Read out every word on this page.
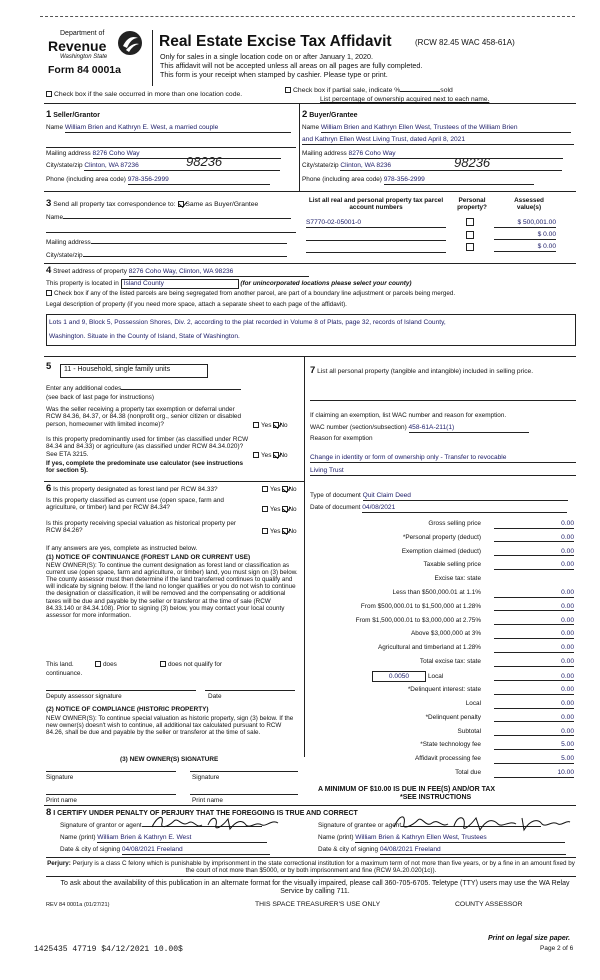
Department of
Revenue
Washington State
Form 84 0001a
Real Estate Excise Tax Affidavit	(RCW 82.45 WAC 458-61A)
Only for sales in a single location code on or after January 1, 2020.
This affidavit will not be accepted unless all areas on all pages are fully completed.
This form is your receipt when stamped by cashier. Please type or print.
Check box if the sale occurred in more than one location code.
Check box if partial sale, indicate %	sold
List percentage of ownership acquired next to each name.
1 Seller/Grantor
Name William Brien and Kathryn E. West, a married couple
Mailing address 8276 Coho Way
City/state/zip Clinton, WA 87236	98236
Phone (including area code) 978-356-2999
2 Buyer/Grantee
Name William Brien and Kathryn Ellen West, Trustees of the William Brien
and Kathryn Ellen West Living Trust, dated April 8, 2021
Mailing address 8276 Coho Way
City/state/zip Clinton, WA 8236	98236
Phone (including area code) 978-356-2999
3 Send all property tax correspondence to: Same as Buyer/Grantee
Name
Mailing address
City/state/zip
List all real and personal property tax parcel account numbers
Personal property?
Assessed value(s)
S7770-02-05001-0	$ 500,001.00
$ 0.00
$ 0.00
4 Street address of property 8276 Coho Way, Clinton, WA 98236
This property is located in Island County	(for unincorporated locations please select your county)
Check box if any of the listed parcels are being segregated from another parcel, are part of a boundary line adjustment or parcels being merged.
Legal description of property (if you need more space, attach a separate sheet to each page of the affidavit).
Lots 1 and 9, Block 5, Possession Shores, Div. 2, according to the plat recorded in Volume 8 of Plats, page 32, records of Island County,
Washington. Situate in the County of Island, State of Washington.
5	11 - Household, single family units
Enter any additional codes
(see back of last page for instructions)
Was the seller receiving a property tax exemption or deferral under RCW 84.36, 84.37, or 84.38 (nonprofit org., senior citizen or disabled person, homeowner with limited income)?	Yes No
Is this property predominantly used for timber (as classified under RCW 84.34 and 84.33) or agriculture (as classified under RCW 84.34.020)? See ETA 3215.	Yes No
If yes, complete the predominate use calculator (see instructions for section 5).
6 Is this property designated as forest land per RCW 84.33?	Yes No
Is this property classified as current use (open space, farm and agriculture, or timber) land per RCW 84.34?	Yes No
Is this property receiving special valuation as historical property per RCW 84.26?	Yes No
If any answers are yes, complete as instructed below.
(1) NOTICE OF CONTINUANCE (FOREST LAND OR CURRENT USE)
NEW OWNER(S): To continue the current designation as forest land or classification as current use (open space, farm and agriculture, or timber) land, you must sign on (3) below. The county assessor must then determine if the land transferred continues to qualify and will indicate by signing below. If the land no longer qualifies or you do not wish to continue the designation or classification, it will be removed and the compensating or additional taxes will be due and payable by the seller or transferor at the time of sale (RCW 84.33.140 or 84.34.108). Prior to signing (3) below, you may contact your local county assessor for more information.
This land.	does	does not qualify for
continuance.
Deputy assessor signature	Date
(2) NOTICE OF COMPLIANCE (HISTORIC PROPERTY)
NEW OWNER(S): To continue special valuation as historic property, sign (3) below. If the new owner(s) doesn't wish to continue, all additional tax calculated pursuant to RCW 84.26, shall be due and payable by the seller or transferor at the time of sale.
(3) NEW OWNER(S) SIGNATURE
Signature	Signature
Print name	Print name
7 List all personal property (tangible and intangible) included in selling price.
If claiming an exemption, list WAC number and reason for exemption.
WAC number (section/subsection) 458-61A-211(1)
Reason for exemption
Change in identity or form of ownership only - Transfer to revocable
Living Trust
Type of document Quit Claim Deed
Date of document 04/08/2021
Gross selling price	0.00
*Personal property (deduct)	0.00
Exemption claimed (deduct)	0.00
Taxable selling price	0.00
Excise tax: state
Less than $500,000.01 at 1.1%	0.00
From $500,000.01 to $1,500,000 at 1.28%	0.00
From $1,500,000.01 to $3,000,000 at 2.75%	0.00
Above $3,000,000 at 3%	0.00
Agricultural and timberland at 1.28%	0.00
Total excise tax: state	0.00
0.0050	Local	0.00
*Delinquent interest: state	0.00
Local	0.00
*Delinquent penalty	0.00
Subtotal	0.00
*State technology fee	5.00
Affidavit processing fee	5.00
Total due	10.00
A MINIMUM OF $10.00 IS DUE IN FEE(S) AND/OR TAX
*SEE INSTRUCTIONS
8 I CERTIFY UNDER PENALTY OF PERJURY THAT THE FOREGOING IS TRUE AND CORRECT
Signature of grantor or agent
Name (print) William Brien & Kathryn E. West
Date & city of signing 04/08/2021 Freeland
Signature of grantee or agent
Name (print) William Brien & Kathryn Ellen West, Trustees
Date & city of signing 04/08/2021 Freeland
Perjury: Perjury is a class C felony which is punishable by imprisonment in the state correctional institution for a maximum term of not more than five years, or by a fine in an amount fixed by the court of not more than $5000, or by both imprisonment and fine (RCW 9A.20.020(1c)).
To ask about the availability of this publication in an alternate format for the visually impaired, please call 360-705-6705. Teletype (TTY) users may use the WA Relay Service by calling 711.
REV 84 0001a (01/27/21)	THIS SPACE TREASURER'S USE ONLY	COUNTY ASSESSOR
1425435 47719 $4/12/2021 10.00$
Print on legal size paper.
Page 2 of 6
